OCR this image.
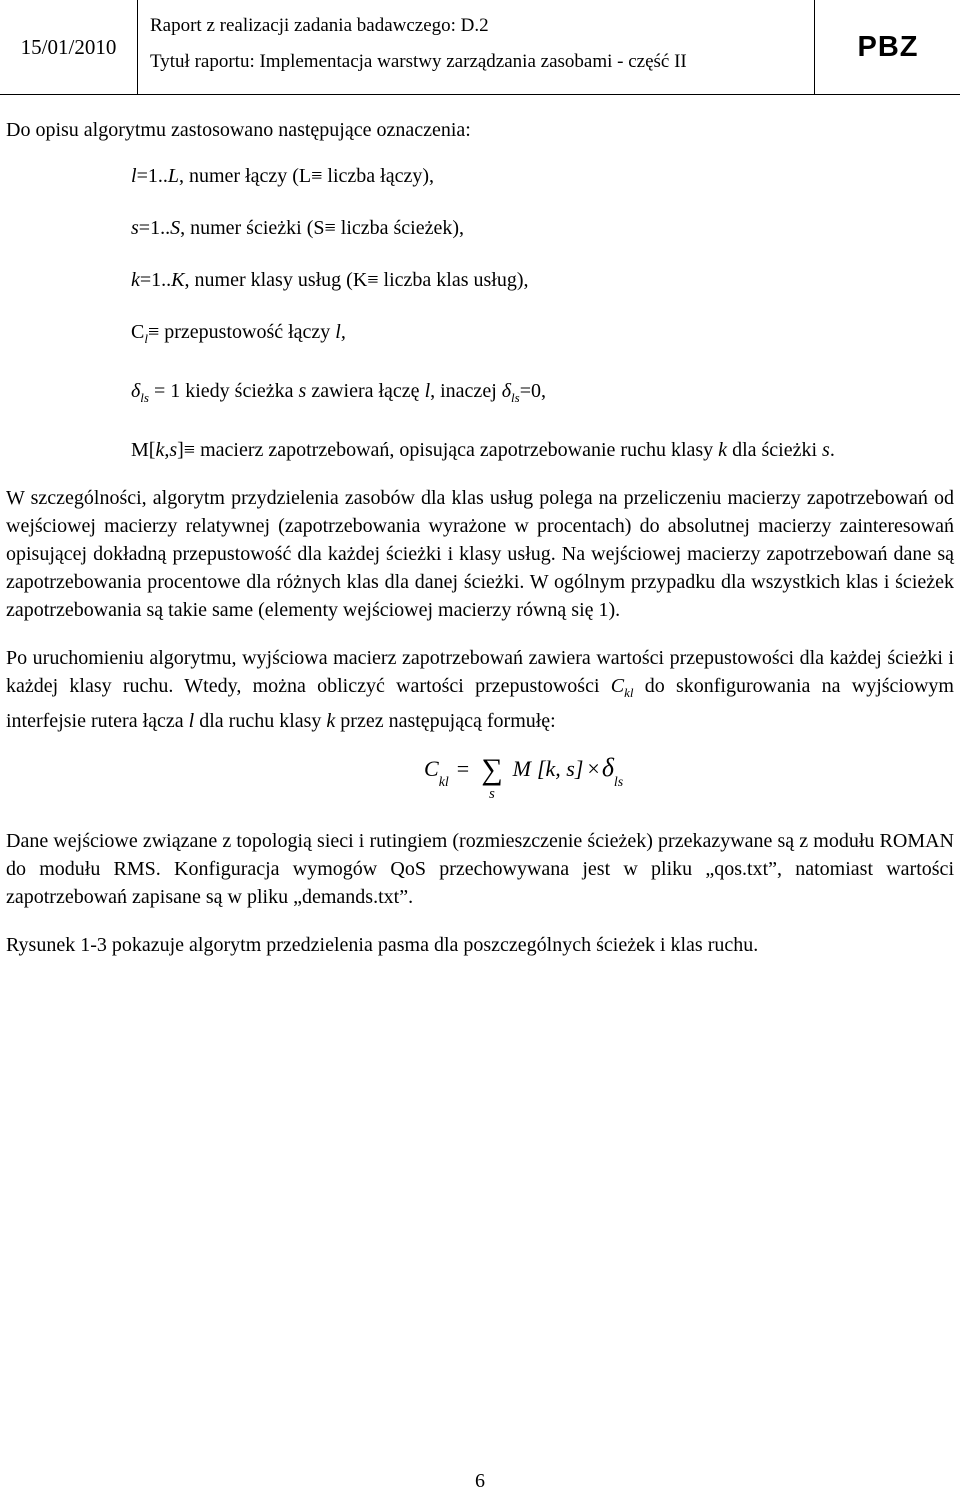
15/01/2010
Raport z realizacji zadania badawczego: D.2
Tytuł raportu: Implementacja warstwy zarządzania zasobami - część II	PBZ

Do opisu algorytmu zastosowano następujące oznaczenia:

l=1..L, numer łączy (L≡ liczba łączy),
s=1..S, numer ścieżki (S≡ liczba ścieżek),
k=1..K, numer klasy usług (K≡ liczba klas usług),
$C_l\equiv$ przepustowość łączy l,
$\delta_{ls} = 1$ kiedy ścieżka s zawiera łączę l, inaczej $\delta_{ls}=0$,
M[k,s]≡ macierz zapotrzebowań, opisująca zapotrzebowanie ruchu klasy k dla ścieżki s.

W szczególności, algorytm przydzielenia zasobów dla klas usług polega na przeliczeniu macierzy zapotrzebowań od wejściowej macierzy relatywnej (zapotrzebowania wyrażone w procentach) do absolutnej macierzy zainteresowań opisującej dokładną przepustowość dla każdej ścieżki i klasy usług. Na wejściowej macierzy zapotrzebowań dane są zapotrzebowania procentowe dla różnych klas dla danej ścieżki. W ogólnym przypadku dla wszystkich klas i ścieżek zapotrzebowania są takie same (elementy wejściowej macierzy równą się 1).

Po uruchomieniu algorytmu, wyjściowa macierz zapotrzebowań zawiera wartości przepustowości dla każdej ścieżki i każdej klasy ruchu. Wtedy, można obliczyć wartości przepustowości $C_{kl}$ do skonfigurowania na wyjściowym interfejsie rutera łącza l dla ruchu klasy k przez następującą formułę:

C
kl
= ∑
s
M [k, s] × δ
ls

Dane wejściowe związane z topologią sieci i rutingiem (rozmieszczenie ścieżek) przekazywane są z modułu ROMAN do modułu RMS. Konfiguracja wymogów QoS przechowywana jest w pliku „qos.txt”, natomiast wartości zapotrzebowań zapisane są w pliku „demands.txt”.

Rysunek 1-3 pokazuje algorytm przedzielenia pasma dla poszczególnych ścieżek i klas ruchu.

6
